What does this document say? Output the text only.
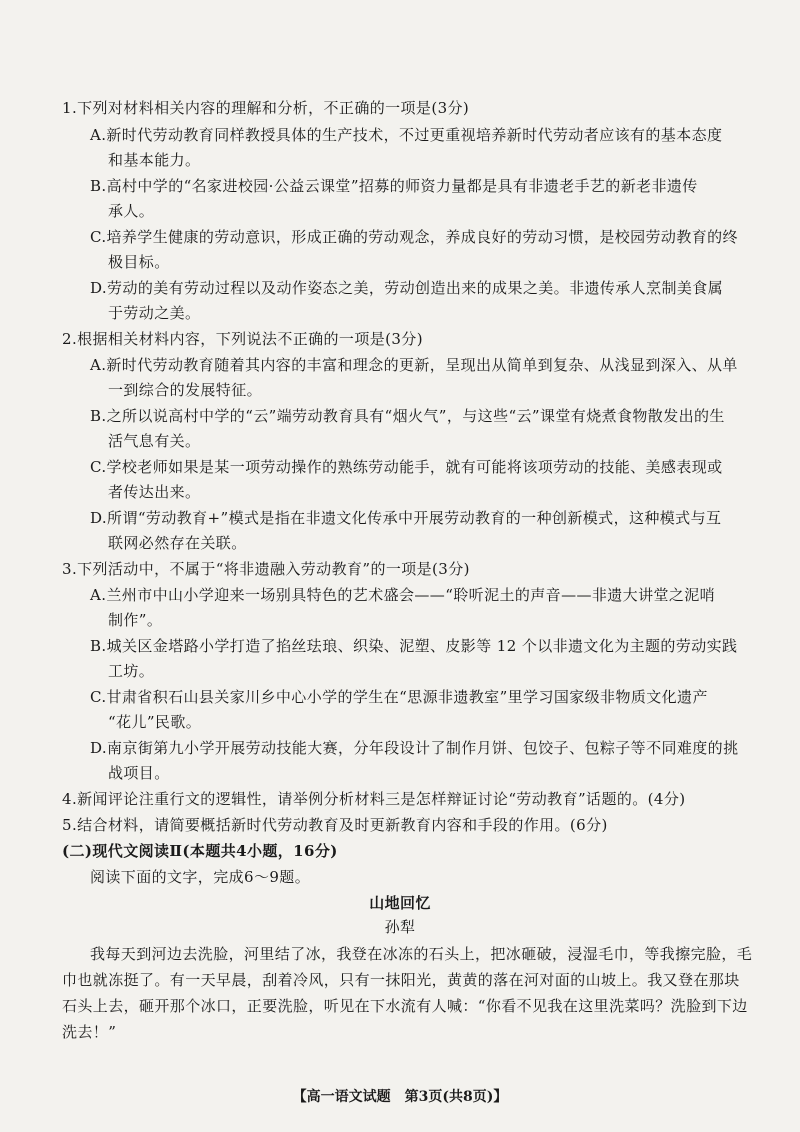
1.下列对材料相关内容的理解和分析，不正确的一项是(3分)
A.新时代劳动教育同样教授具体的生产技术，不过更重视培养新时代劳动者应该有的基本态度
和基本能力。
B.高村中学的“名家进校园·公益云课堂”招募的师资力量都是具有非遗老手艺的新老非遗传
承人。
C.培养学生健康的劳动意识，形成正确的劳动观念，养成良好的劳动习惯，是校园劳动教育的终
极目标。
D.劳动的美有劳动过程以及动作姿态之美，劳动创造出来的成果之美。非遗传承人烹制美食属
于劳动之美。
2.根据相关材料内容，下列说法不正确的一项是(3分)
A.新时代劳动教育随着其内容的丰富和理念的更新，呈现出从简单到复杂、从浅显到深入、从单
一到综合的发展特征。
B.之所以说高村中学的“云”端劳动教育具有“烟火气”，与这些“云”课堂有烧煮食物散发出的生
活气息有关。
C.学校老师如果是某一项劳动操作的熟练劳动能手，就有可能将该项劳动的技能、美感表现或
者传达出来。
D.所谓“劳动教育+”模式是指在非遗文化传承中开展劳动教育的一种创新模式，这种模式与互
联网必然存在关联。
3.下列活动中，不属于“将非遗融入劳动教育”的一项是(3分)
A.兰州市中山小学迎来一场别具特色的艺术盛会——“聆听泥土的声音——非遗大讲堂之泥哨
制作”。
B.城关区金塔路小学打造了掐丝珐琅、织染、泥塑、皮影等 12 个以非遗文化为主题的劳动实践
工坊。
C.甘肃省积石山县关家川乡中心小学的学生在“思源非遗教室”里学习国家级非物质文化遗产
“花儿”民歌。
D.南京街第九小学开展劳动技能大赛，分年段设计了制作月饼、包饺子、包粽子等不同难度的挑
战项目。
4.新闻评论注重行文的逻辑性，请举例分析材料三是怎样辩证讨论“劳动教育”话题的。(4分)
5.结合材料，请简要概括新时代劳动教育及时更新教育内容和手段的作用。(6分)
(二)现代文阅读Ⅱ(本题共4小题，16分)
阅读下面的文字，完成6～9题。
山地回忆
孙犁
我每天到河边去洗脸，河里结了冰，我登在冰冻的石头上，把冰砸破，浸湿毛巾，等我擦完脸，毛
巾也就冻挺了。有一天早晨，刮着冷风，只有一抹阳光，黄黄的落在河对面的山坡上。我又登在那块
石头上去，砸开那个冰口，正要洗脸，听见在下水流有人喊：“你看不见我在这里洗菜吗？洗脸到下边
洗去！”
【高一语文试题　第3页(共8页)】
